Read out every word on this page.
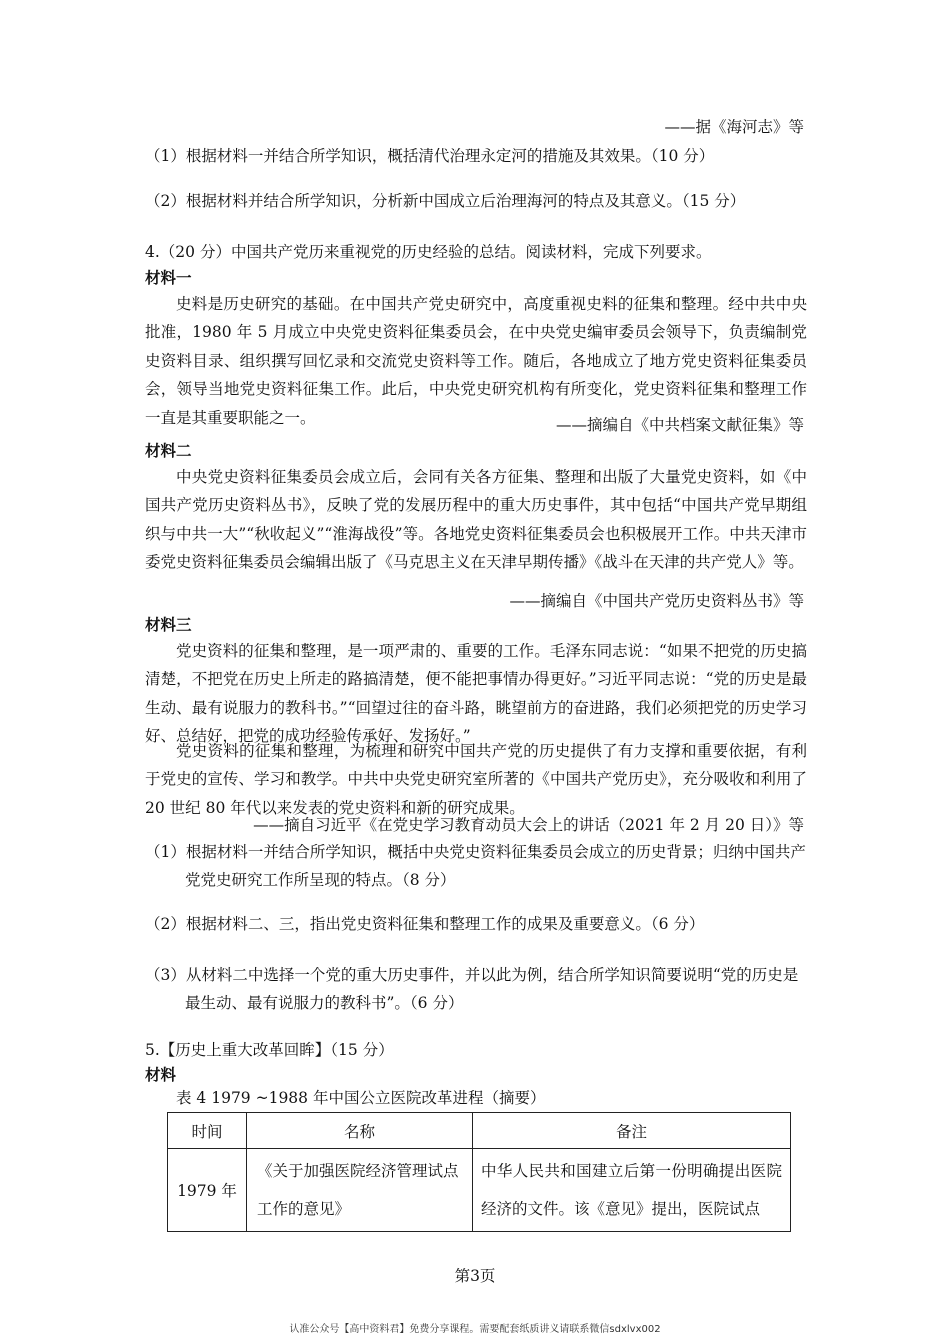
——据《海河志》等
（1）根据材料一并结合所学知识，概括清代治理永定河的措施及其效果。（10 分）
（2）根据材料并结合所学知识，分析新中国成立后治理海河的特点及其意义。（15 分）
4.（20 分）中国共产党历来重视党的历史经验的总结。阅读材料，完成下列要求。
材料一
史料是历史研究的基础。在中国共产党史研究中，高度重视史料的征集和整理。经中共中央批准，1980 年 5 月成立中央党史资料征集委员会，在中央党史编审委员会领导下，负责编制党史资料目录、组织撰写回忆录和交流党史资料等工作。随后，各地成立了地方党史资料征集委员会，领导当地党史资料征集工作。此后，中央党史研究机构有所变化，党史资料征集和整理工作一直是其重要职能之一。	——摘编自《中共档案文献征集》等
材料二
中央党史资料征集委员会成立后，会同有关各方征集、整理和出版了大量党史资料，如《中国共产党历史资料丛书》，反映了党的发展历程中的重大历史事件，其中包括“中国共产党早期组织与中共一大”“秋收起义”“淮海战役”等。各地党史资料征集委员会也积极展开工作。中共天津市委党史资料征集委员会编辑出版了《马克思主义在天津早期传播》《战斗在天津的共产党人》等。
——摘编自《中国共产党历史资料丛书》等
材料三
党史资料的征集和整理，是一项严肃的、重要的工作。毛泽东同志说：“如果不把党的历史搞清楚，不把党在历史上所走的路搞清楚，便不能把事情办得更好。”习近平同志说：“党的历史是最生动、最有说服力的教科书。”“回望过往的奋斗路，眺望前方的奋进路，我们必须把党的历史学习好、总结好，把党的成功经验传承好、发扬好。”
党史资料的征集和整理，为梳理和研究中国共产党的历史提供了有力支撑和重要依据，有利于党史的宣传、学习和教学。中共中央党史研究室所著的《中国共产党历史》，充分吸收和利用了 20 世纪 80 年代以来发表的党史资料和新的研究成果。
——摘自习近平《在党史学习教育动员大会上的讲话（2021 年 2 月 20 日）》等
（1）根据材料一并结合所学知识，概括中央党史资料征集委员会成立的历史背景；归纳中国共产党党史研究工作所呈现的特点。（8 分）
（2）根据材料二、三，指出党史资料征集和整理工作的成果及重要意义。（6 分）
（3）从材料二中选择一个党的重大历史事件，并以此为例，结合所学知识简要说明“党的历史是最生动、最有说服力的教科书”。（6 分）
5.【历史上重大改革回眸】（15 分）
材料
表 4 1979 ~1988 年中国公立医院改革进程（摘要）
时间	名称	备注
1979 年	《关于加强医院经济管理试点工作的意见》	中华人民共和国建立后第一份明确提出医院经济的文件。该《意见》提出，医院试点
第3页
认准公众号【高中资料君】免费分享课程。需要配套纸质讲义请联系微信sdxlvx002
